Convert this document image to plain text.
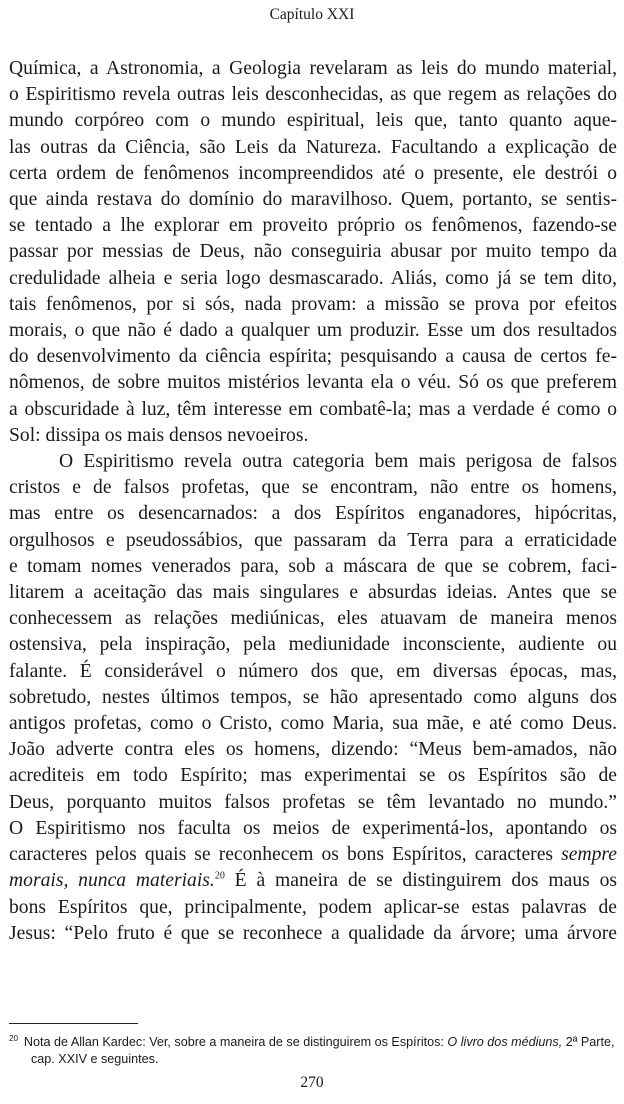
Capítulo XXI
Química, a Astronomia, a Geologia revelaram as leis do mundo material,
o Espiritismo revela outras leis desconhecidas, as que regem as relações do
mundo corpóreo com o mundo espiritual, leis que, tanto quanto aque-
las outras da Ciência, são Leis da Natureza. Facultando a explicação de
certa ordem de fenômenos incompreendidos até o presente, ele destrói o
que ainda restava do domínio do maravilhoso. Quem, portanto, se sentis-
se tentado a lhe explorar em proveito próprio os fenômenos, fazendo-se
passar por messias de Deus, não conseguiria abusar por muito tempo da
credulidade alheia e seria logo desmascarado. Aliás, como já se tem dito,
tais fenômenos, por si sós, nada provam: a missão se prova por efeitos
morais, o que não é dado a qualquer um produzir. Esse um dos resultados
do desenvolvimento da ciência espírita; pesquisando a causa de certos fe-
nômenos, de sobre muitos mistérios levanta ela o véu. Só os que preferem
a obscuridade à luz, têm interesse em combatê-la; mas a verdade é como o
Sol: dissipa os mais densos nevoeiros.
O Espiritismo revela outra categoria bem mais perigosa de falsos
cristos e de falsos profetas, que se encontram, não entre os homens,
mas entre os desencarnados: a dos Espíritos enganadores, hipócritas,
orgulhosos e pseudossábios, que passaram da Terra para a erraticidade
e tomam nomes venerados para, sob a máscara de que se cobrem, faci-
litarem a aceitação das mais singulares e absurdas ideias. Antes que se
conhecessem as relações mediúnicas, eles atuavam de maneira menos
ostensiva, pela inspiração, pela mediunidade inconsciente, audiente ou
falante. É considerável o número dos que, em diversas épocas, mas,
sobretudo, nestes últimos tempos, se hão apresentado como alguns dos
antigos profetas, como o Cristo, como Maria, sua mãe, e até como Deus.
João adverte contra eles os homens, dizendo: “Meus bem-amados, não
acrediteis em todo Espírito; mas experimentai se os Espíritos são de
Deus, porquanto muitos falsos profetas se têm levantado no mundo.”
O Espiritismo nos faculta os meios de experimentá-los, apontando os
caracteres pelos quais se reconhecem os bons Espíritos, caracteres sempre
morais, nunca materiais.$^{20}$ É à maneira de se distinguirem dos maus os
bons Espíritos que, principalmente, podem aplicar-se estas palavras de
Jesus: “Pelo fruto é que se reconhece a qualidade da árvore; uma árvore
$^{20}$ Nota de Allan Kardec: Ver, sobre a maneira de se distinguirem os Espíritos: O livro dos médiuns, 2ª Parte,
cap. XXIV e seguintes.
270
